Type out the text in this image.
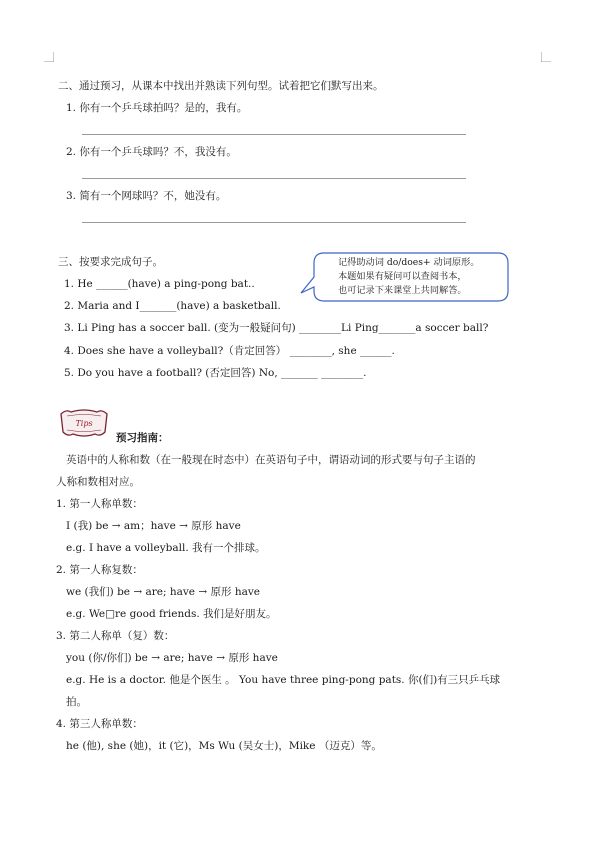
二、通过预习，从课本中找出并熟读下列句型。试着把它们默写出来。
1. 你有一个乒乓球拍吗？是的，我有。
2. 你有一个乒乓球吗？不，我没有。
3. 简有一个网球吗？不，她没有。
记得助动词 do/does+ 动词原形。
本题如果有疑问可以查阅书本，
也可记录下来课堂上共同解答。
三、按要求完成句子。
1. He ______(have) a ping-pong bat..
2. Maria and I_______(have) a basketball.
3. Li Ping has a soccer ball. (变为一般疑问句) ________Li Ping_______a soccer ball?
4. Does she have a volleyball?（肯定回答） ________, she ______.
5. Do you have a football? (否定回答) No, _______ ________.
Tips
预习指南：
英语中的人称和数（在一般现在时态中）在英语句子中，谓语动词的形式要与句子主语的
人称和数相对应。
1. 第一人称单数：
I (我) be → am；have → 原形 have
e.g. I have a volleyball. 我有一个排球。
2. 第一人称复数：
we (我们) be → are; have → 原形 have
e.g. We□re good friends. 我们是好朋友。
3. 第二人称单（复）数：
you (你/你们) be → are; have → 原形 have
e.g. He is a doctor. 他是个医生 。 You have three ping-pong pats. 你(们)有三只乒乓球
拍。
4. 第三人称单数：
he (他), she (她)，it (它)，Ms Wu (吴女士)，Mike （迈克）等。
